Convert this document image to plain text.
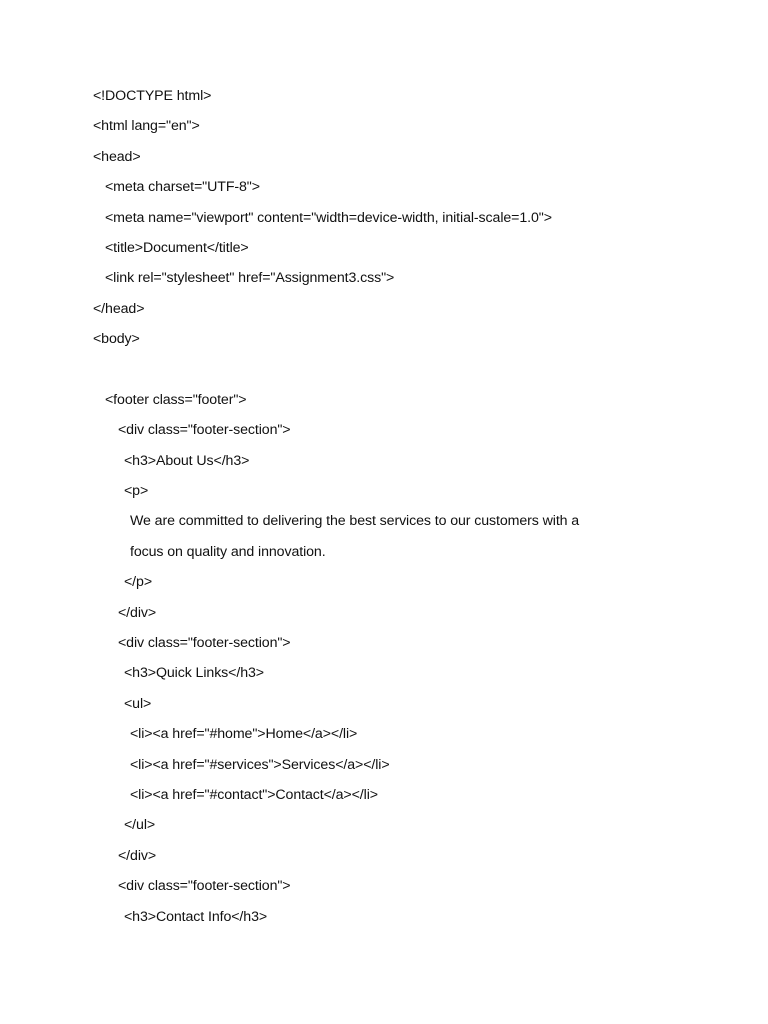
<!DOCTYPE html>
<html lang="en">
<head>
<meta charset="UTF-8">
<meta name="viewport" content="width=device-width, initial-scale=1.0">
<title>Document</title>
<link rel="stylesheet" href="Assignment3.css">
</head>
<body>
<footer class="footer">
<div class="footer-section">
<h3>About Us</h3>
<p>
We are committed to delivering the best services to our customers with a
focus on quality and innovation.
</p>
</div>
<div class="footer-section">
<h3>Quick Links</h3>
<ul>
<li><a href="#home">Home</a></li>
<li><a href="#services">Services</a></li>
<li><a href="#contact">Contact</a></li>
</ul>
</div>
<div class="footer-section">
<h3>Contact Info</h3>
